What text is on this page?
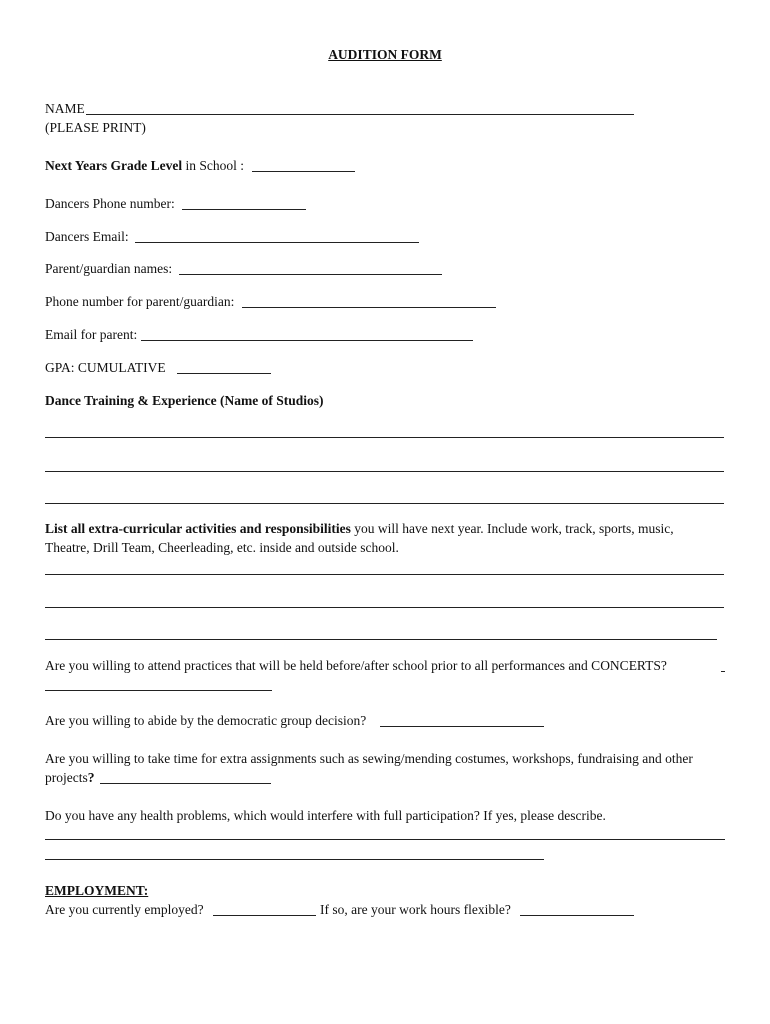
AUDITION FORM
NAME
(PLEASE PRINT)
Next Years Grade Level in School :
Dancers Phone number:
Dancers Email:
Parent/guardian names:
Phone number for parent/guardian:
Email for parent:
GPA: CUMULATIVE
Dance Training & Experience (Name of Studios)
List all extra-curricular activities and responsibilities you will have next year. Include work, track, sports, music,
Theatre, Drill Team, Cheerleading, etc. inside and outside school.
Are you willing to attend practices that will be held before/after school prior to all performances and CONCERTS?
Are you willing to abide by the democratic group decision?
Are you willing to take time for extra assignments such as sewing/mending costumes, workshops, fundraising and other
projects?
Do you have any health problems, which would interfere with full participation? If yes, please describe.
EMPLOYMENT:
Are you currently employed?	If so, are your work hours flexible?
